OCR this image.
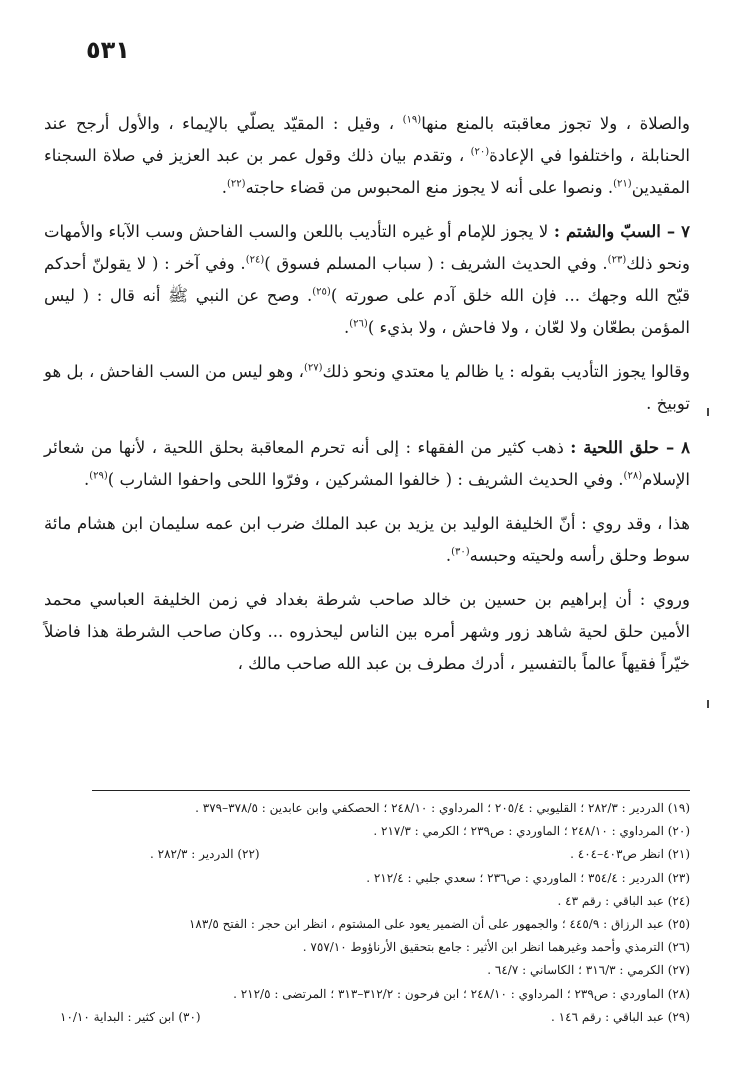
٥٣١

والصلاة ، ولا تجوز معاقبته بالمنع منها$^{(١٩)}$ ، وقيل : المقيّد يصلّي بالإيماء ، والأول أرجح عند الحنابلة ، واختلفوا في الإعادة$^{(٢٠)}$ ، وتقدم بيان ذلك وقول عمر بن عبد العزيز في صلاة السجناء المقيدين$^{(٢١)}$. ونصوا على أنه لا يجوز منع المحبوس من قضاء حاجته$^{(٢٢)}$.

٧ – السبّ والشتم : لا يجوز للإمام أو غيره التأديب باللعن والسب الفاحش وسب الآباء والأمهات ونحو ذلك$^{(٢٣)}$. وفي الحديث الشريف : ( سباب المسلم فسوق )$^{(٢٤)}$. وفي آخر : ( لا يقولنّ أحدكم قبّح الله وجهك ... فإن الله خلق آدم على صورته )$^{(٢٥)}$. وصح عن النبي ﷺ أنه قال : ( ليس المؤمن بطعّان ولا لعّان ، ولا فاحش ، ولا بذيء )$^{(٢٦)}$.

وقالوا يجوز التأديب بقوله : يا ظالم يا معتدي ونحو ذلك$^{(٢٧)}$، وهو ليس من السب الفاحش ، بل هو توبيخ .

٨ – حلق اللحية : ذهب كثير من الفقهاء : إلى أنه تحرم المعاقبة بحلق اللحية ، لأنها من شعائر الإسلام$^{(٢٨)}$. وفي الحديث الشريف : ( خالفوا المشركين ، وفرّوا اللحى واحفوا الشارب )$^{(٢٩)}$.

هذا ، وقد روي : أنّ الخليفة الوليد بن يزيد بن عبد الملك ضرب ابن عمه سليمان ابن هشام مائة سوط وحلق رأسه ولحيته وحبسه$^{(٣٠)}$.

وروي : أن إبراهيم بن حسين بن خالد صاحب شرطة بغداد في زمن الخليفة العباسي محمد الأمين حلق لحية شاهد زور وشهر أمره بين الناس ليحذروه ... وكان صاحب الشرطة هذا فاضلاً خيّراً فقيهاً عالماً بالتفسير ، أدرك مطرف بن عبد الله صاحب مالك ،

(١٩) الدردير : ٢٨٢/٣ ؛ القليوبي : ٢٠٥/٤ ؛ المرداوي : ٢٤٨/١٠ ؛ الحصكفي وابن عابدين : ٣٧٨/٥–٣٧٩ .
(٢٠) المرداوي : ٢٤٨/١٠ ؛ الماوردي : ص٢٣٩ ؛ الكرمي : ٢١٧/٣ .
(٢١) انظر ص٤٠٣–٤٠٤ .
(٢٢) الدردير : ٢٨٢/٣ .
(٢٣) الدردير : ٣٥٤/٤ ؛ الماوردي : ص٢٣٦ ؛ سعدي جلبي : ٢١٢/٤ .
(٢٤) عبد الباقي : رقم ٤٣ .
(٢٥) عبد الرزاق : ٤٤٥/٩ ؛ والجمهور على أن الضمير يعود على المشتوم ، انظر ابن حجر : الفتح ١٨٣/٥
(٢٦) الترمذي وأحمد وغيرهما انظر ابن الأثير : جامع بتحقيق الأرناؤوط ٧٥٧/١٠ .
(٢٧) الكرمي : ٣١٦/٣ ؛ الكاساني : ٦٤/٧ .
(٢٨) الماوردي : ص٢٣٩ ؛ المرداوي : ٢٤٨/١٠ ؛ ابن فرحون : ٣١٢/٢–٣١٣ ؛ المرتضى : ٢١٢/٥ .
(٢٩) عبد الباقي : رقم ١٤٦ .
(٣٠) ابن كثير : البداية ١٠/١٠
